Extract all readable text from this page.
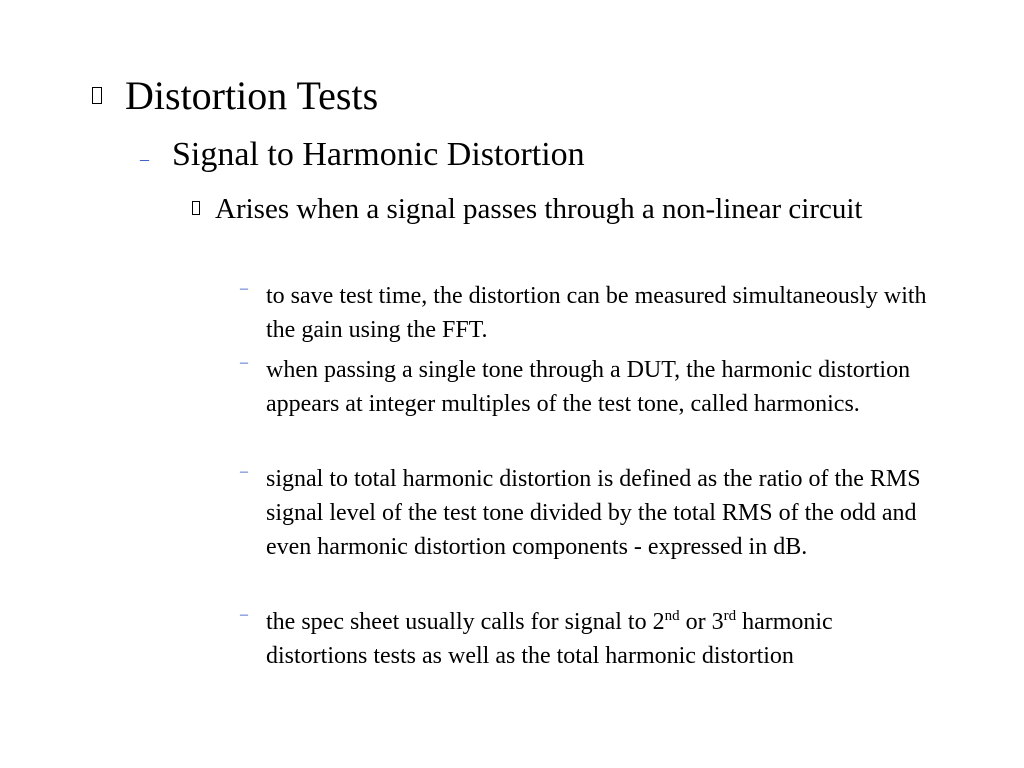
Distortion Tests
– Signal to Harmonic Distortion
Arises when a signal passes through a non-linear circuit
– to save test time, the distortion can be measured simultaneously with the gain using the FFT.
– when passing a single tone through a DUT, the harmonic distortion appears at integer multiples of the test tone, called harmonics.
– signal to total harmonic distortion is defined as the ratio of the RMS signal level of the test tone divided by the total RMS of the odd and even harmonic distortion components - expressed in dB.
– the spec sheet usually calls for signal to 2nd or 3rd harmonic distortions tests as well as the total harmonic distortion
